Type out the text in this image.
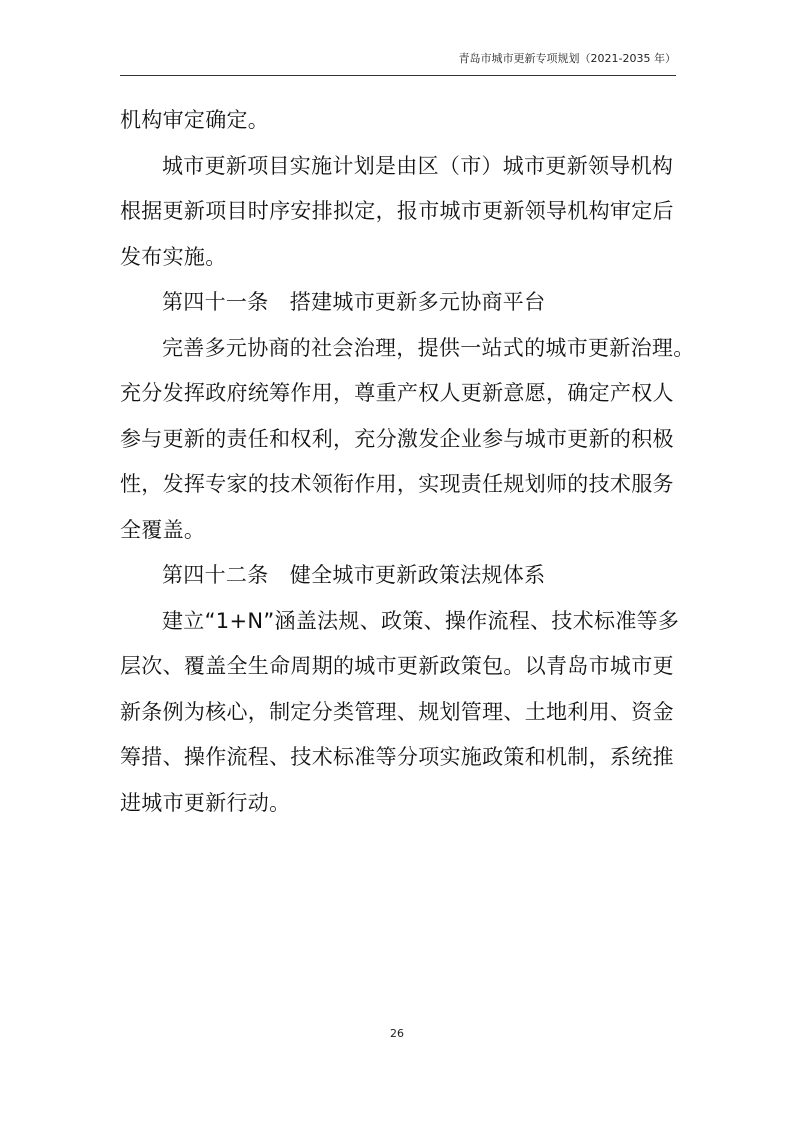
青岛市城市更新专项规划（2021-2035 年）
机构审定确定。
城市更新项目实施计划是由区（市）城市更新领导机构
根据更新项目时序安排拟定，报市城市更新领导机构审定后
发布实施。
第四十一条　搭建城市更新多元协商平台
完善多元协商的社会治理，提供一站式的城市更新治理。
充分发挥政府统筹作用，尊重产权人更新意愿，确定产权人
参与更新的责任和权利，充分激发企业参与城市更新的积极
性，发挥专家的技术领衔作用，实现责任规划师的技术服务
全覆盖。
第四十二条　健全城市更新政策法规体系
建立“1+N”涵盖法规、政策、操作流程、技术标准等多
层次、覆盖全生命周期的城市更新政策包。以青岛市城市更
新条例为核心，制定分类管理、规划管理、土地利用、资金
筹措、操作流程、技术标准等分项实施政策和机制，系统推
进城市更新行动。
26
